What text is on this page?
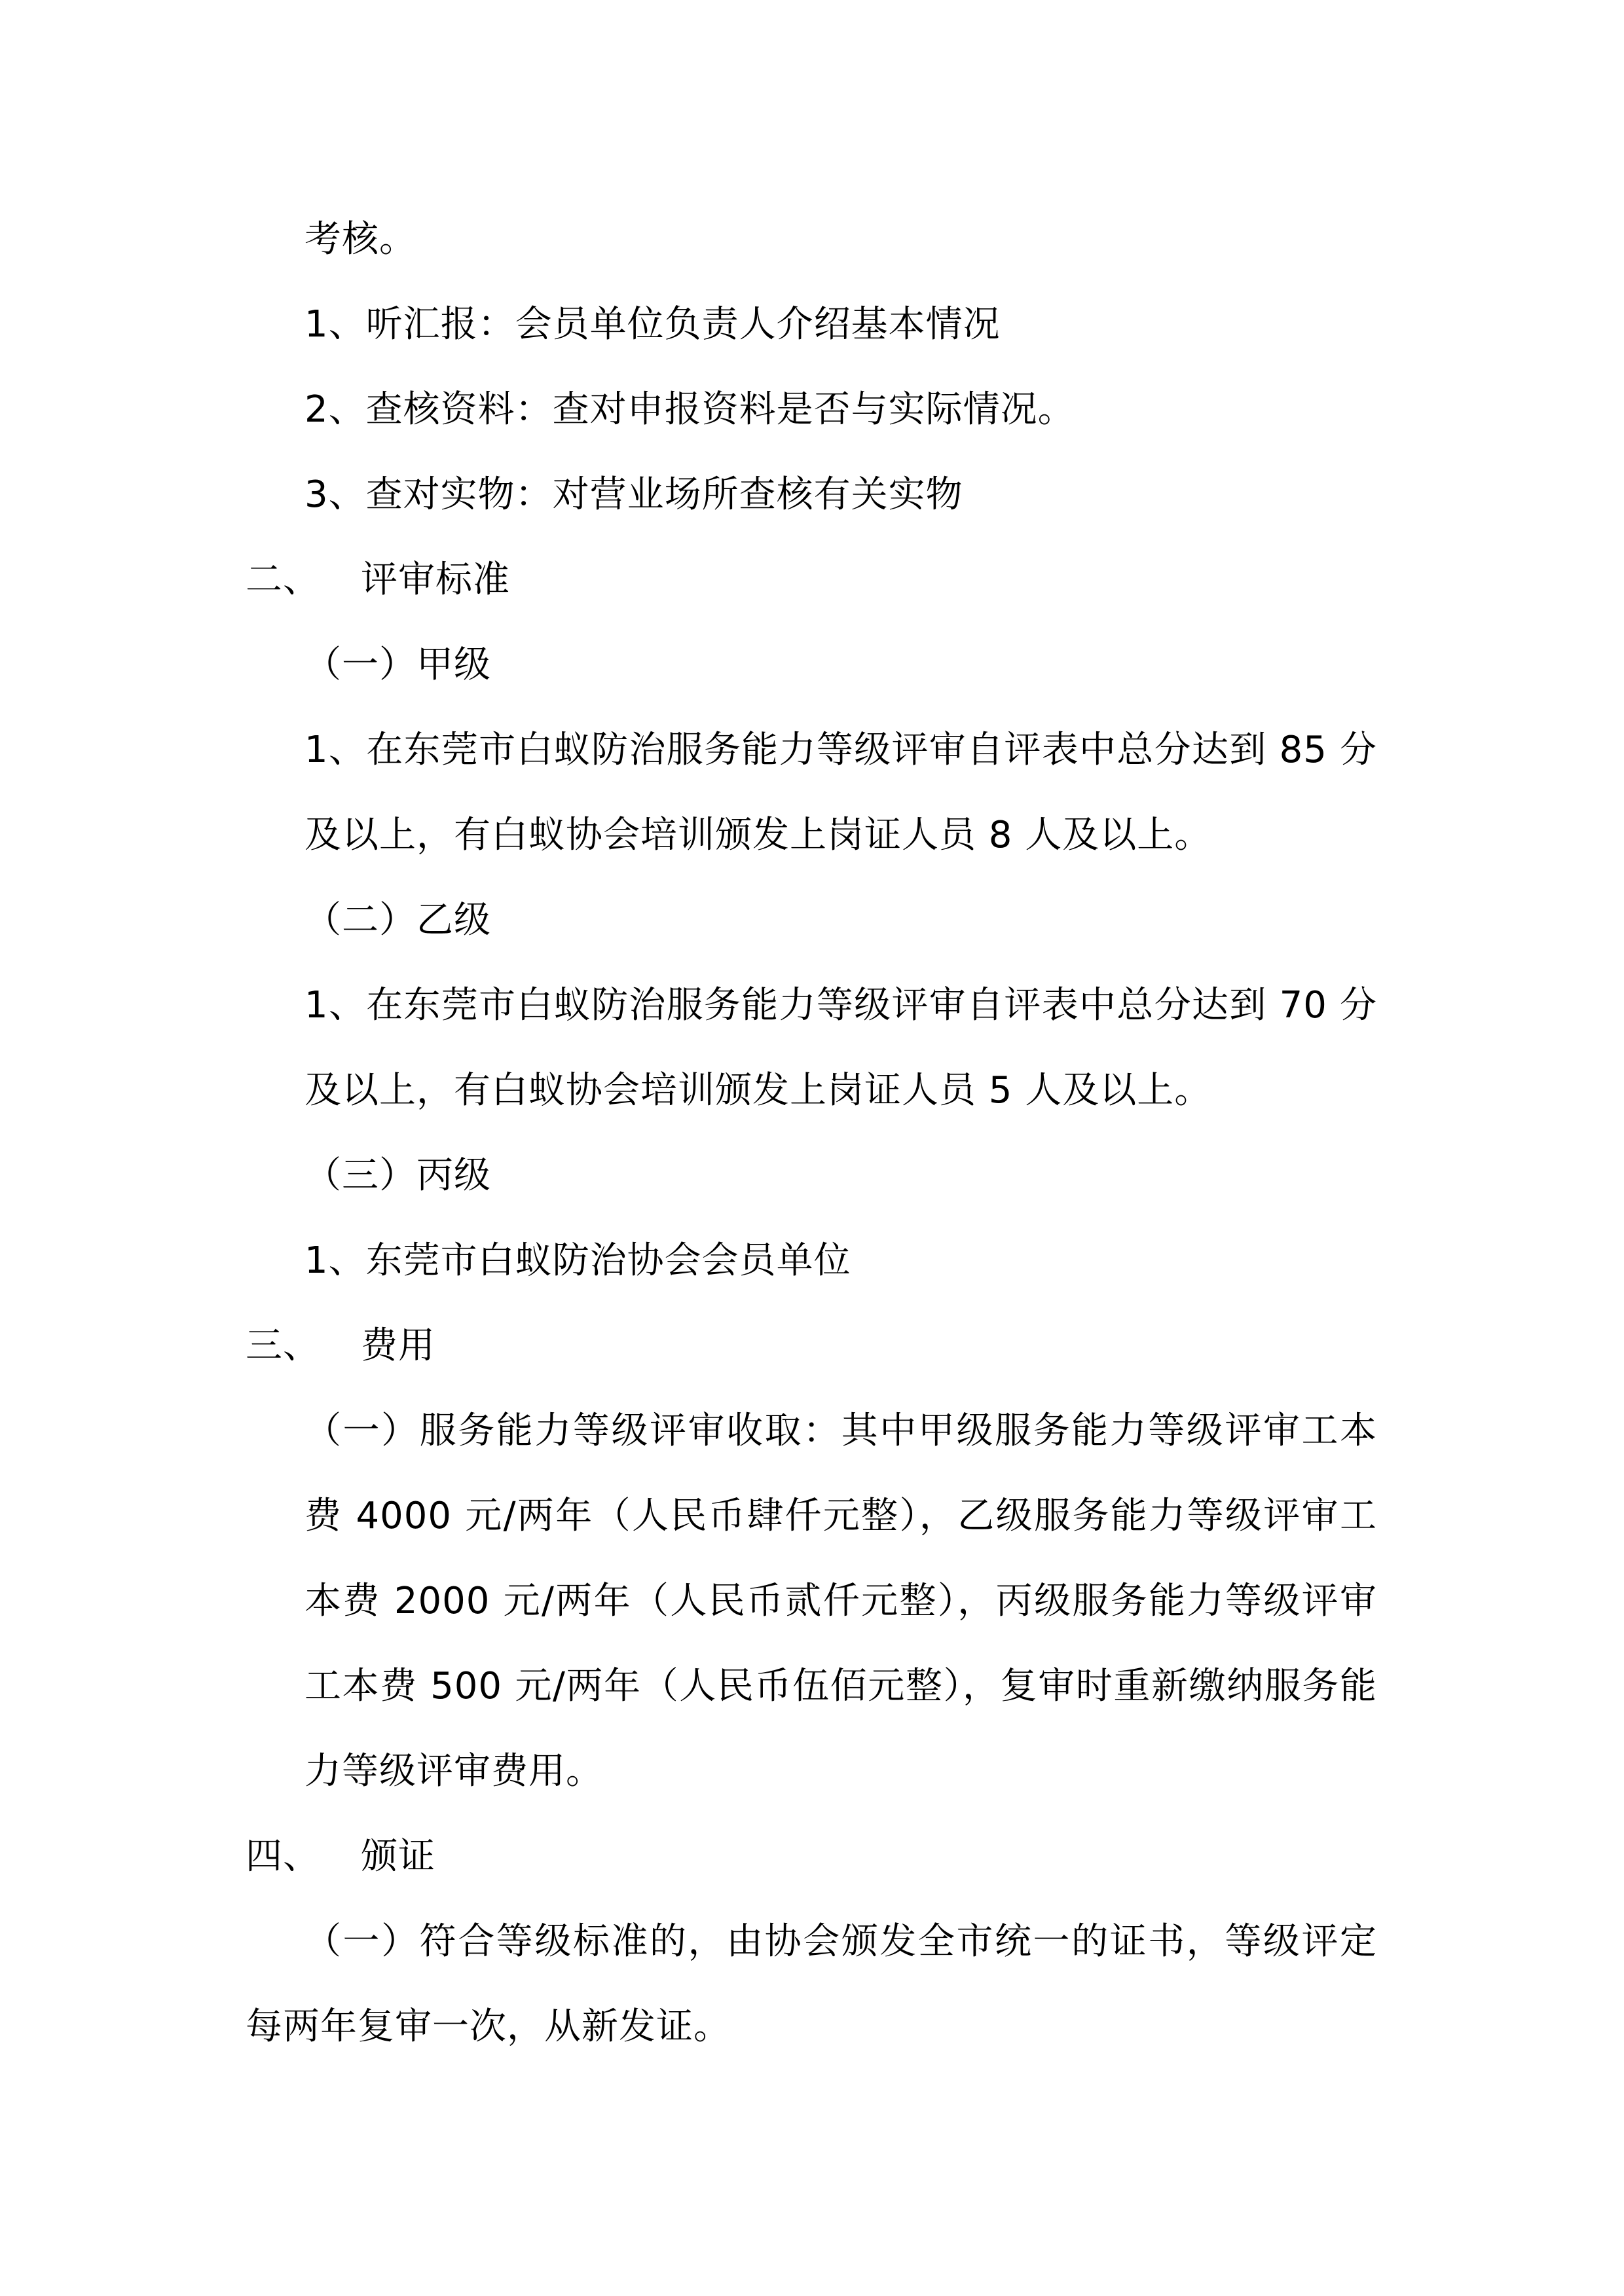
考核。
1、听汇报：会员单位负责人介绍基本情况
2、查核资料：查对申报资料是否与实际情况。
3、查对实物：对营业场所查核有关实物
二、 评审标准
（一）甲级
1、在东莞市白蚁防治服务能力等级评审自评表中总分达到 85 分
及以上，有白蚁协会培训颁发上岗证人员 8 人及以上。
（二）乙级
1、在东莞市白蚁防治服务能力等级评审自评表中总分达到 70 分
及以上，有白蚁协会培训颁发上岗证人员 5 人及以上。
（三）丙级
1、东莞市白蚁防治协会会员单位
三、 费用
（一）服务能力等级评审收取：其中甲级服务能力等级评审工本
费 4000 元/两年（人民币肆仟元整），乙级服务能力等级评审工
本费 2000 元/两年（人民币贰仟元整），丙级服务能力等级评审
工本费 500 元/两年（人民币伍佰元整），复审时重新缴纳服务能
力等级评审费用。
四、 颁证
（一）符合等级标准的，由协会颁发全市统一的证书，等级评定
每两年复审一次，从新发证。
